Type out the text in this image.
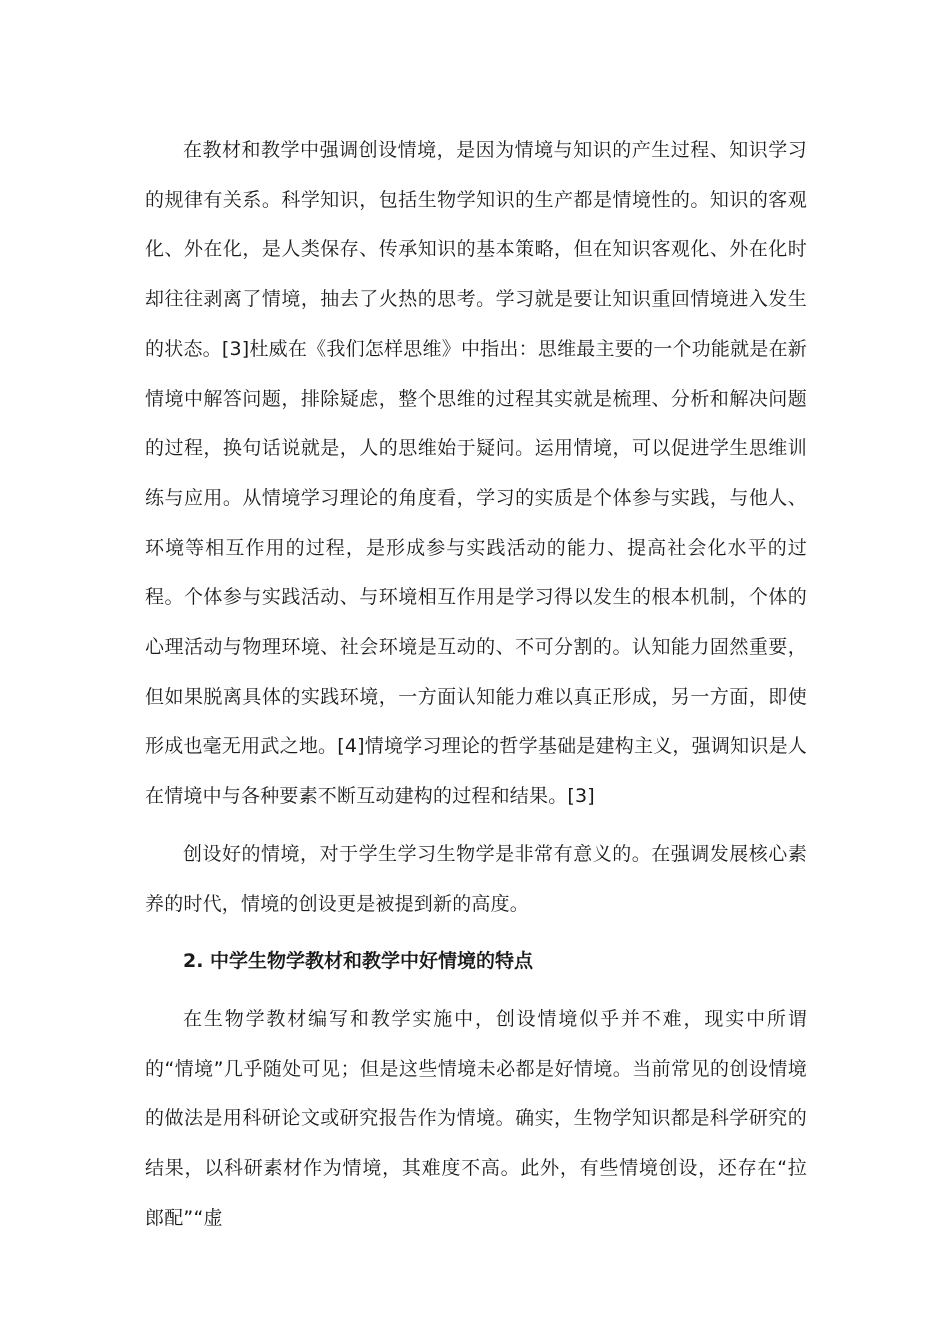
在教材和教学中强调创设情境，是因为情境与知识的产生过程、知识学习的规律有关系。科学知识，包括生物学知识的生产都是情境性的。知识的客观化、外在化，是人类保存、传承知识的基本策略，但在知识客观化、外在化时却往往剥离了情境，抽去了火热的思考。学习就是要让知识重回情境进入发生的状态。[3]杜威在《我们怎样思维》中指出：思维最主要的一个功能就是在新情境中解答问题，排除疑虑，整个思维的过程其实就是梳理、分析和解决问题的过程，换句话说就是，人的思维始于疑问。运用情境，可以促进学生思维训练与应用。从情境学习理论的角度看，学习的实质是个体参与实践，与他人、环境等相互作用的过程，是形成参与实践活动的能力、提高社会化水平的过程。个体参与实践活动、与环境相互作用是学习得以发生的根本机制，个体的心理活动与物理环境、社会环境是互动的、不可分割的。认知能力固然重要，但如果脱离具体的实践环境，一方面认知能力难以真正形成，另一方面，即使形成也毫无用武之地。[4]情境学习理论的哲学基础是建构主义，强调知识是人在情境中与各种要素不断互动建构的过程和结果。[3]

创设好的情境，对于学生学习生物学是非常有意义的。在强调发展核心素养的时代，情境的创设更是被提到新的高度。

2. 中学生物学教材和教学中好情境的特点

在生物学教材编写和教学实施中，创设情境似乎并不难，现实中所谓的“情境”几乎随处可见；但是这些情境未必都是好情境。当前常见的创设情境的做法是用科研论文或研究报告作为情境。确实，生物学知识都是科学研究的结果，以科研素材作为情境，其难度不高。此外，有些情境创设，还存在“拉郎配”“虚
